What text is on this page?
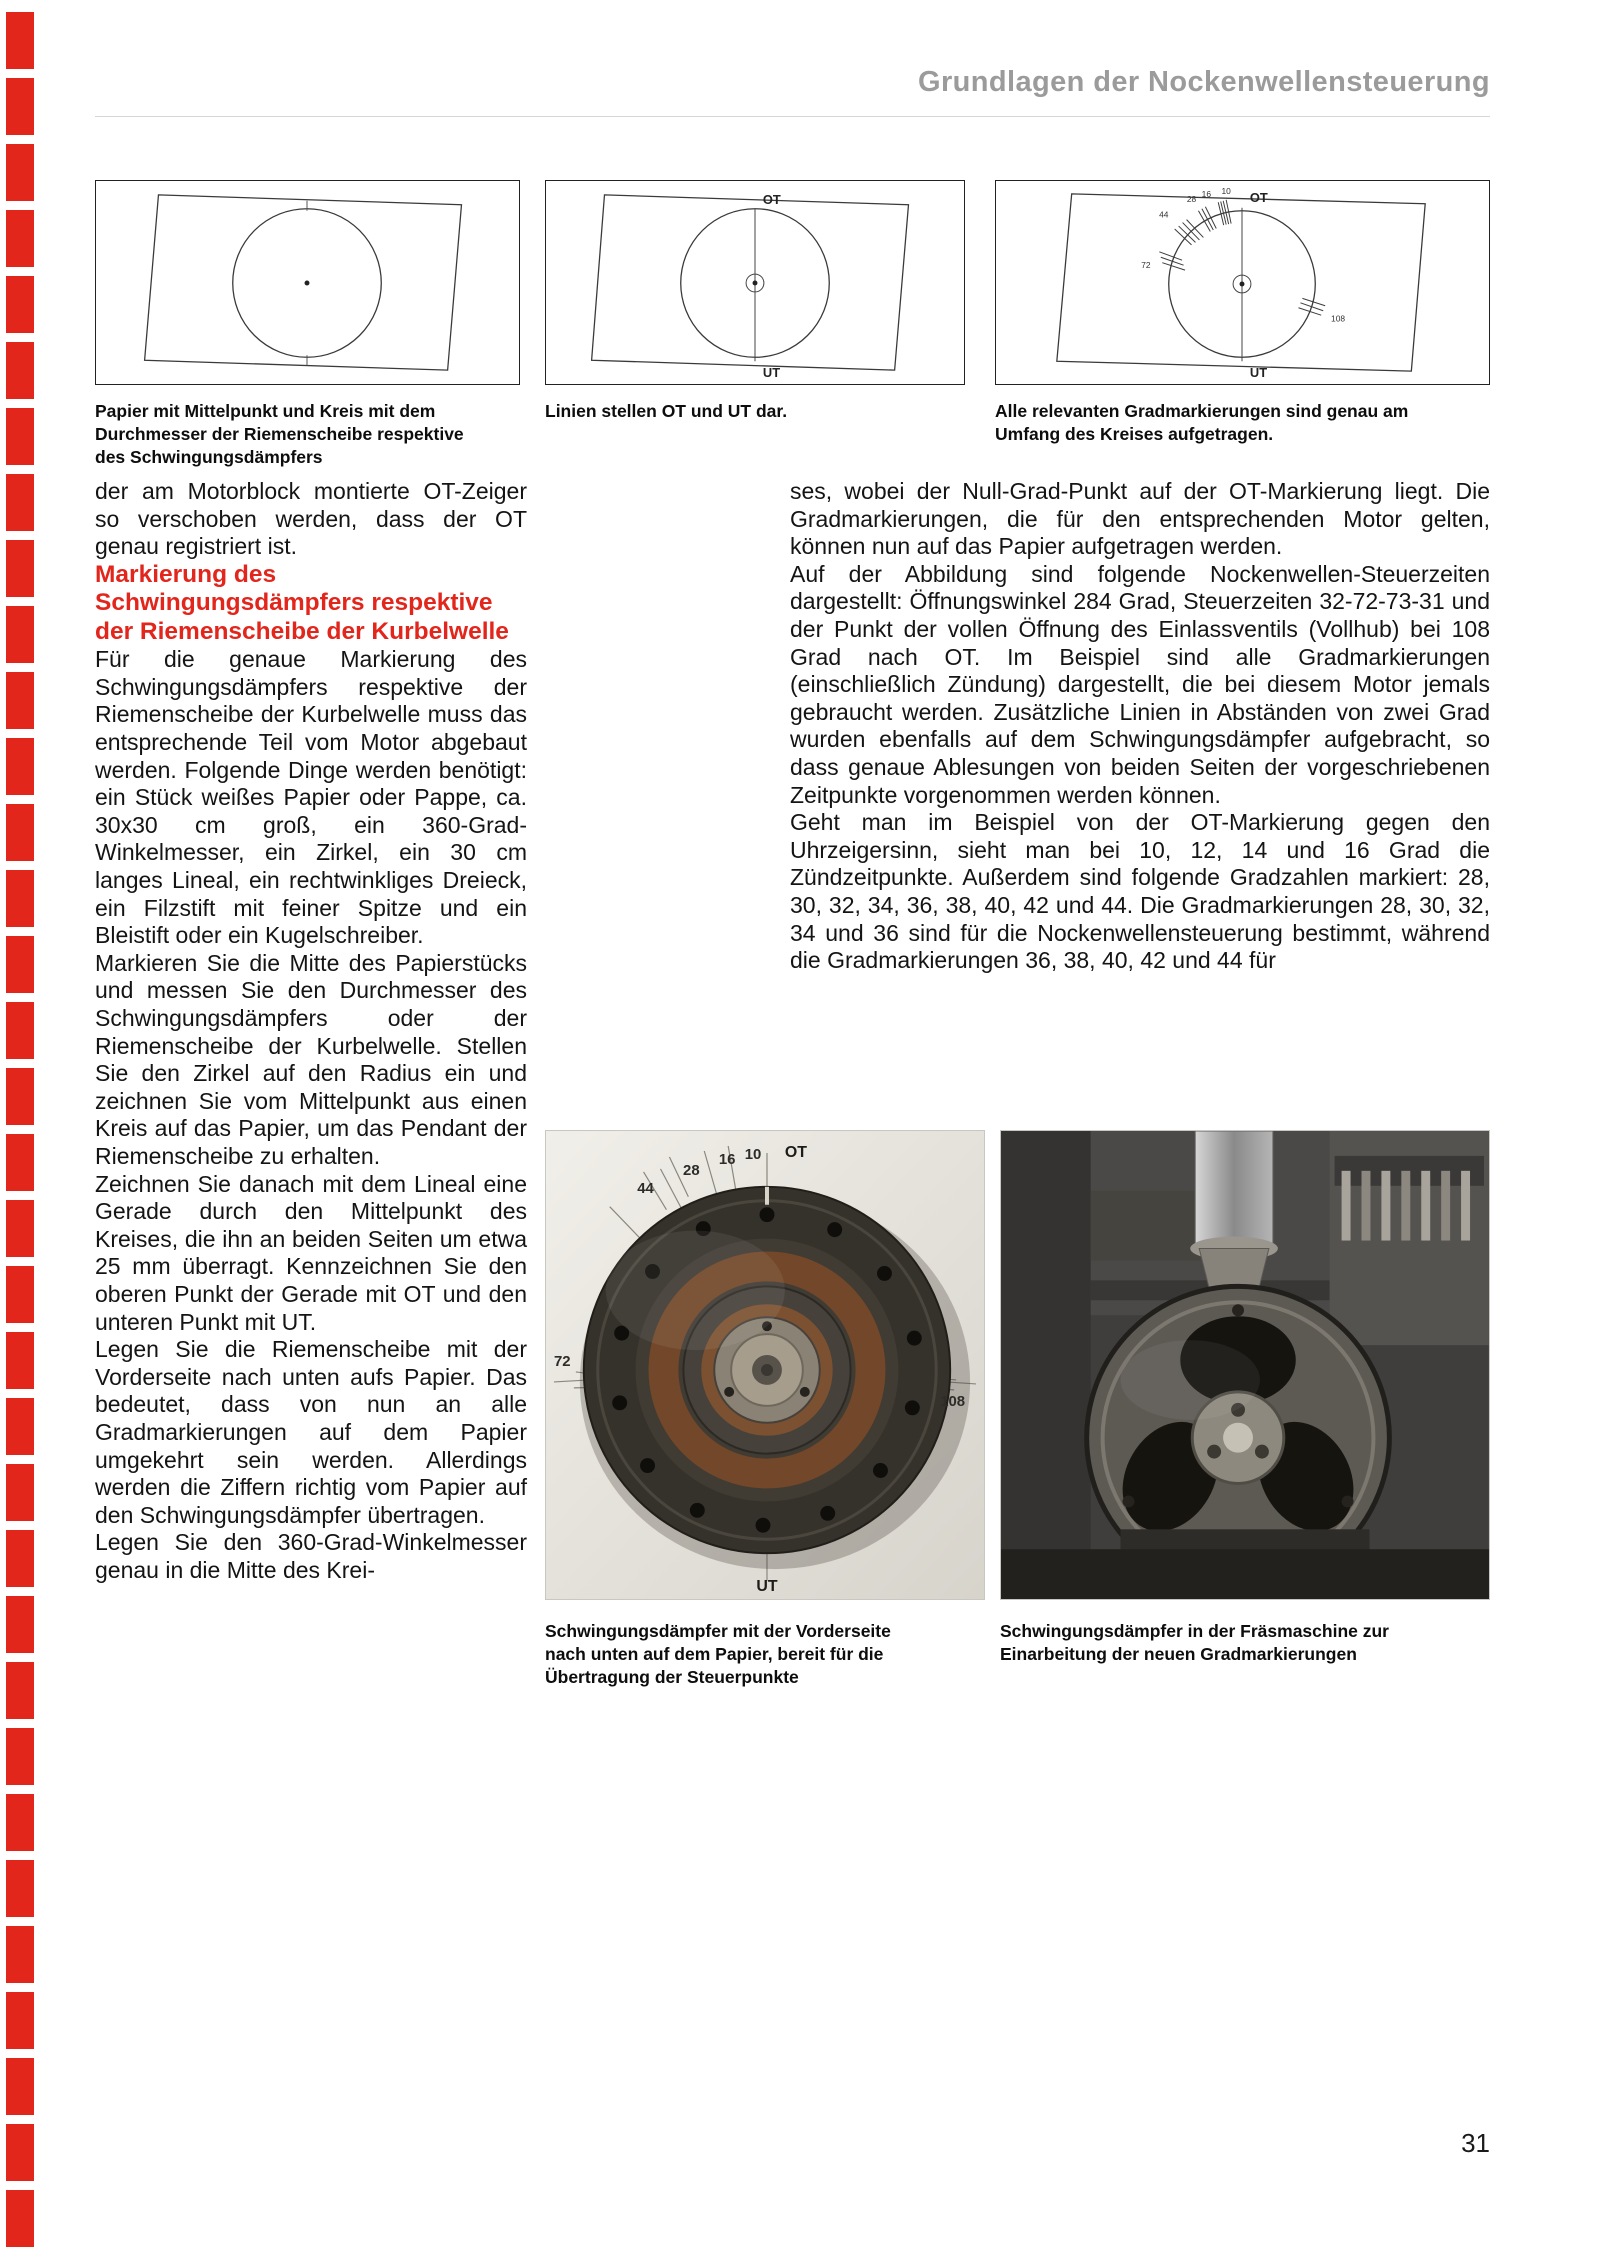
Grundlagen der Nockenwellensteuerung
OT
UT
10
16
28
44
72
108
OT
UT
Papier mit Mittelpunkt und Kreis mit dem Durchmesser der Riemenscheibe respektive des Schwingungsdämpfers
Linien stellen OT und UT dar.	Alle relevanten Gradmarkierungen sind genau am Umfang des Kreises aufgetragen.

der am Motorblock montierte OT-Zeiger so verschoben werden, dass der OT genau registriert ist.

Markierung des Schwingungsdämpfers respektive der Riemenscheibe der Kurbelwelle

Für die genaue Markierung des Schwingungsdämpfers respektive der Riemenscheibe der Kurbelwelle muss das entsprechende Teil vom Motor abgebaut werden. Folgende Dinge werden benötigt: ein Stück weißes Papier oder Pappe, ca. 30x30 cm groß, ein 360-Grad-Winkelmesser, ein Zirkel, ein 30 cm langes Lineal, ein rechtwinkliges Dreieck, ein Filzstift mit feiner Spitze und ein Bleistift oder ein Kugelschreiber.

Markieren Sie die Mitte des Papierstücks und messen Sie den Durchmesser des Schwingungsdämpfers oder der Riemenscheibe der Kurbelwelle. Stellen Sie den Zirkel auf den Radius ein und zeichnen Sie vom Mittelpunkt aus einen Kreis auf das Papier, um das Pendant der Riemenscheibe zu erhalten.

Zeichnen Sie danach mit dem Lineal eine Gerade durch den Mittelpunkt des Kreises, die ihn an beiden Seiten um etwa 25 mm überragt. Kennzeichnen Sie den oberen Punkt der Gerade mit OT und den unteren Punkt mit UT.

Legen Sie die Riemenscheibe mit der Vorderseite nach unten aufs Papier. Das bedeutet, dass von nun an alle Gradmarkierungen auf dem Papier umgekehrt sein werden. Allerdings werden die Ziffern richtig vom Papier auf den Schwingungsdämpfer übertragen.

Legen Sie den 360-Grad-Winkelmesser genau in die Mitte des Krei-

ses, wobei der Null-Grad-Punkt auf der OT-Markierung liegt. Die Gradmarkierungen, die für den entsprechenden Motor gelten, können nun auf das Papier aufgetragen werden.

Auf der Abbildung sind folgende Nockenwellen-Steuerzeiten dargestellt: Öffnungswinkel 284 Grad, Steuerzeiten 32-72-73-31 und der Punkt der vollen Öffnung des Einlassventils (Vollhub) bei 108 Grad nach OT. Im Beispiel sind alle Gradmarkierungen (einschließlich Zündung) dargestellt, die bei diesem Motor jemals gebraucht werden. Zusätzliche Linien in Abständen von zwei Grad wurden ebenfalls auf dem Schwingungsdämpfer aufgebracht, so dass genaue Ablesungen von beiden Seiten der vorgeschriebenen Zeitpunkte vorgenommen werden können.

Geht man im Beispiel von der OT-Markierung gegen den Uhrzeigersinn, sieht man bei 10, 12, 14 und 16 Grad die Zündzeitpunkte. Außerdem sind folgende Gradzahlen markiert: 28, 30, 32, 34, 36, 38, 40, 42 und 44. Die Gradmarkierungen 28, 30, 32, 34 und 36 sind für die Nockenwellensteuerung bestimmt, während die Gradmarkierungen 36, 38, 40, 42 und 44 für

44
28
16 10 OT
72
108
UT
Schwingungsdämpfer mit der Vorderseite nach unten auf dem Papier, bereit für die Übertragung der Steuerpunkte
Schwingungsdämpfer in der Fräsmaschine zur Einarbeitung der neuen Gradmarkierungen
31
